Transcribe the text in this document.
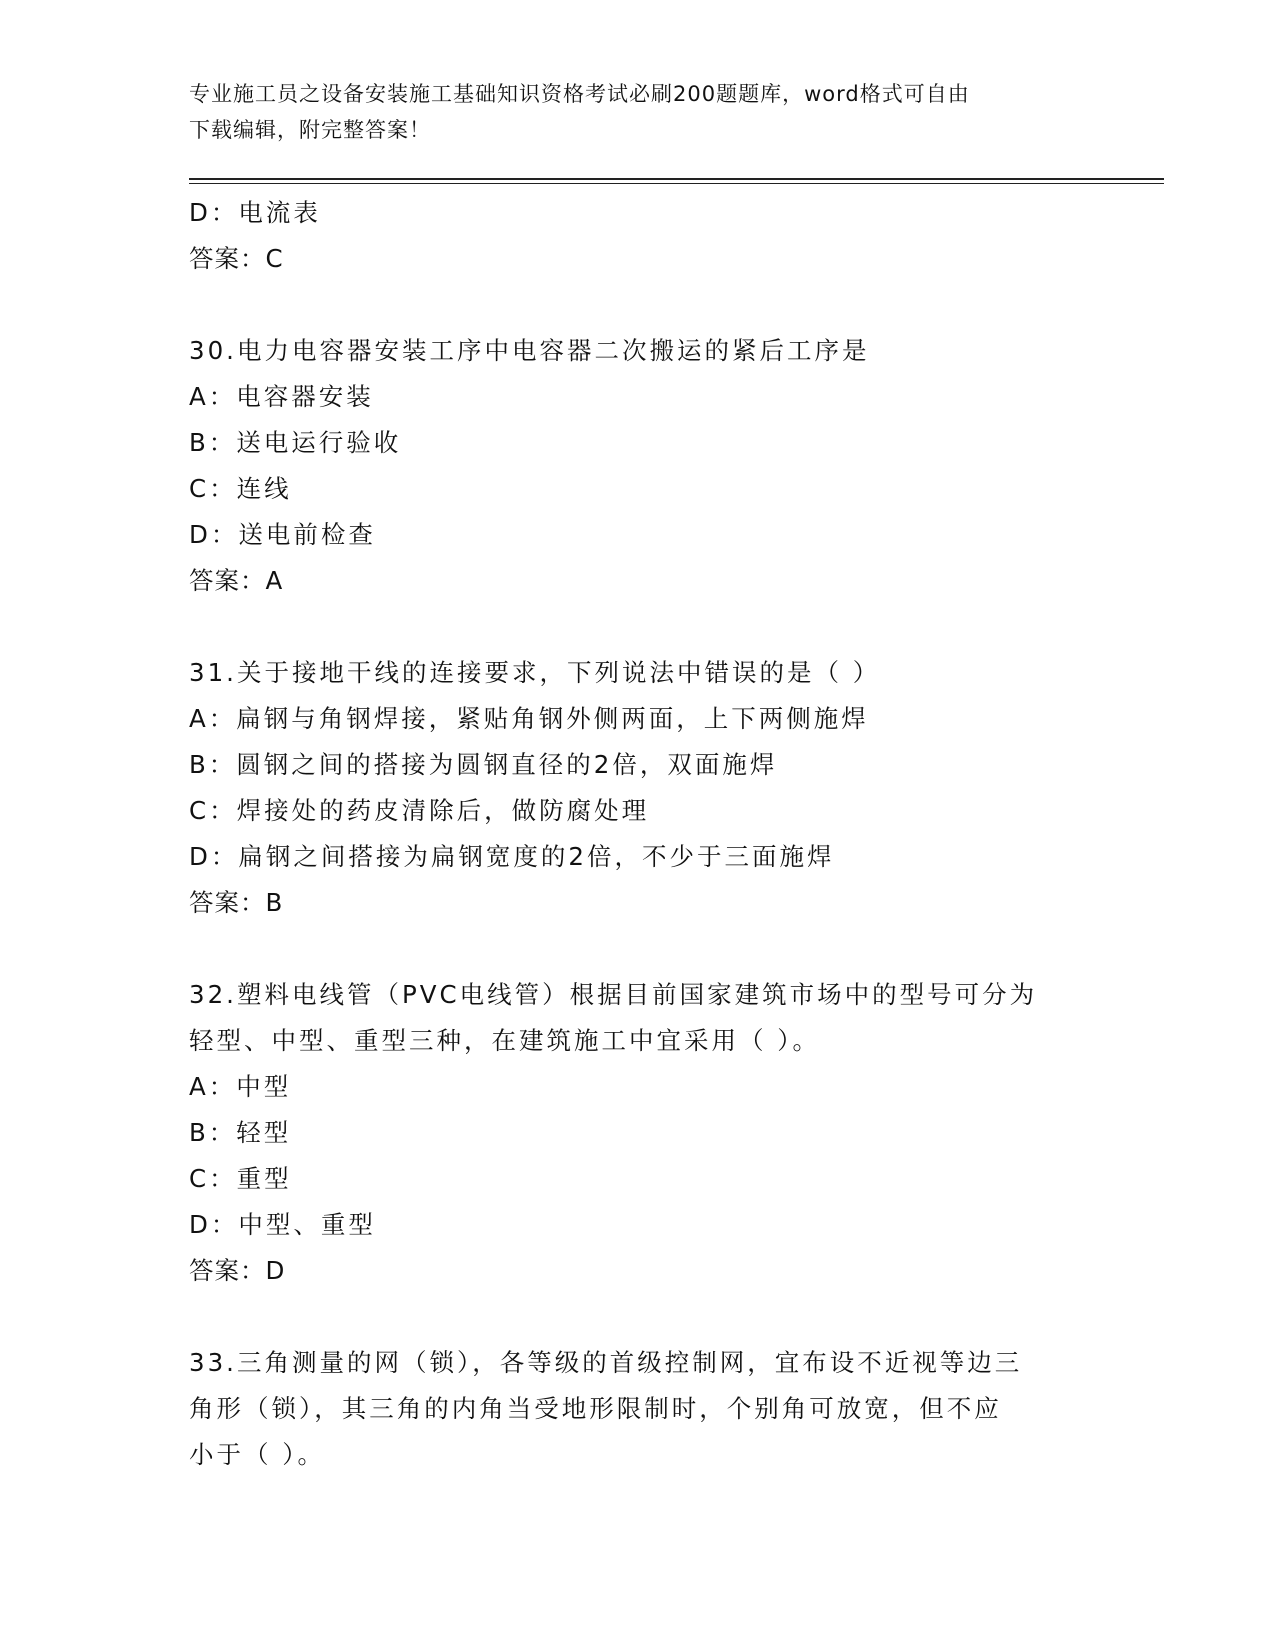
专业施工员之设备安装施工基础知识资格考试必刷200题题库，word格式可自由
下载编辑，附完整答案！
D：电流表
答案：C
30.电力电容器安装工序中电容器二次搬运的紧后工序是
A：电容器安装
B：送电运行验收
C：连线
D：送电前检查
答案：A
31.关于接地干线的连接要求，下列说法中错误的是（ ）
A：扁钢与角钢焊接，紧贴角钢外侧两面，上下两侧施焊
B：圆钢之间的搭接为圆钢直径的2倍，双面施焊
C：焊接处的药皮清除后，做防腐处理
D：扁钢之间搭接为扁钢宽度的2倍，不少于三面施焊
答案：B
32.塑料电线管（PVC电线管）根据目前国家建筑市场中的型号可分为
轻型、中型、重型三种，在建筑施工中宜采用（ ）。
A：中型
B：轻型
C：重型
D：中型、重型
答案：D
33.三角测量的网（锁），各等级的首级控制网，宜布设不近视等边三
角形（锁），其三角的内角当受地形限制时，个别角可放宽，但不应
小于（ ）。
